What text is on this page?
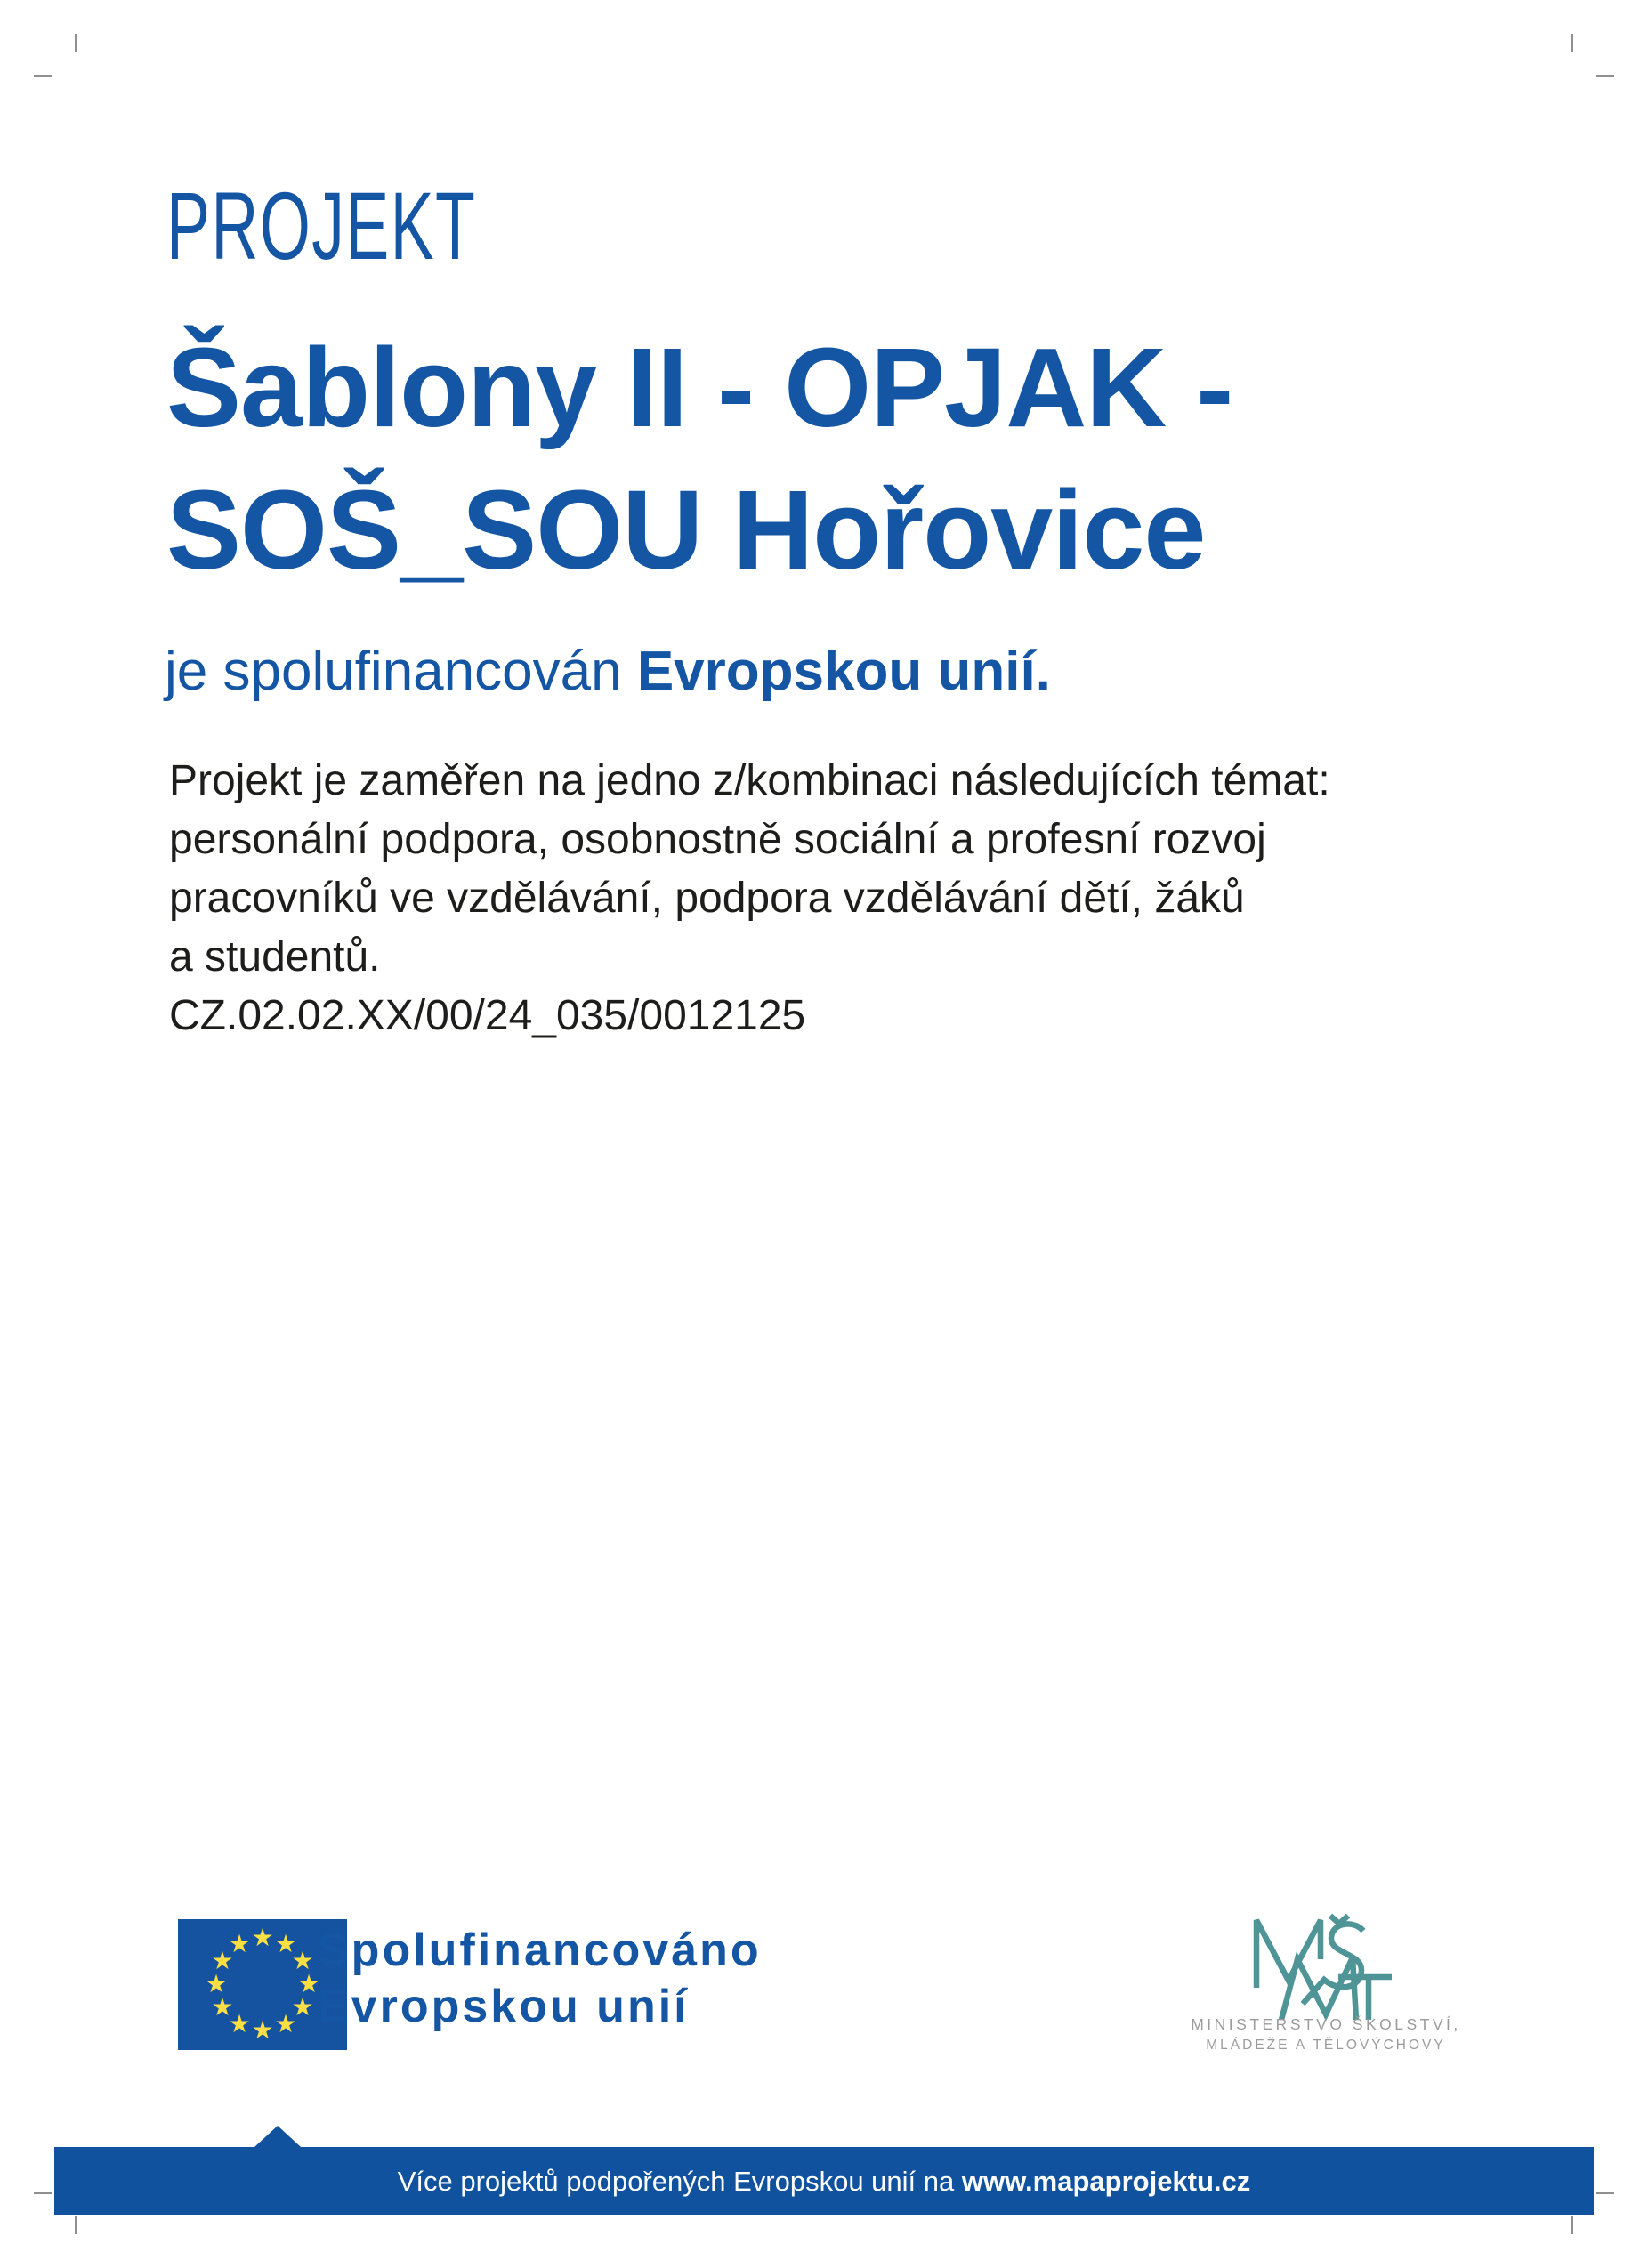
PROJEKT
Šablony II - OPJAK -
SOŠ_SOU Hořovice
je spolufinancován Evropskou unií.
Projekt je zaměřen na jedno z/kombinaci následujících témat:
personální podpora, osobnostně sociální a profesní rozvoj
pracovníků ve vzdělávání, podpora vzdělávání dětí, žáků
a studentů.
CZ.02.02.XX/00/24_035/0012125
★ ★
★
★
★
★
★
★
★
★
★
★ Spolufinancováno
Evropskou unií	MINISTERSTVO ŠKOLSTVÍ,
MLÁDEŽE A TĚLOVÝCHOVY
Více projektů podpořených Evropskou unií na www.mapaprojektu.cz
